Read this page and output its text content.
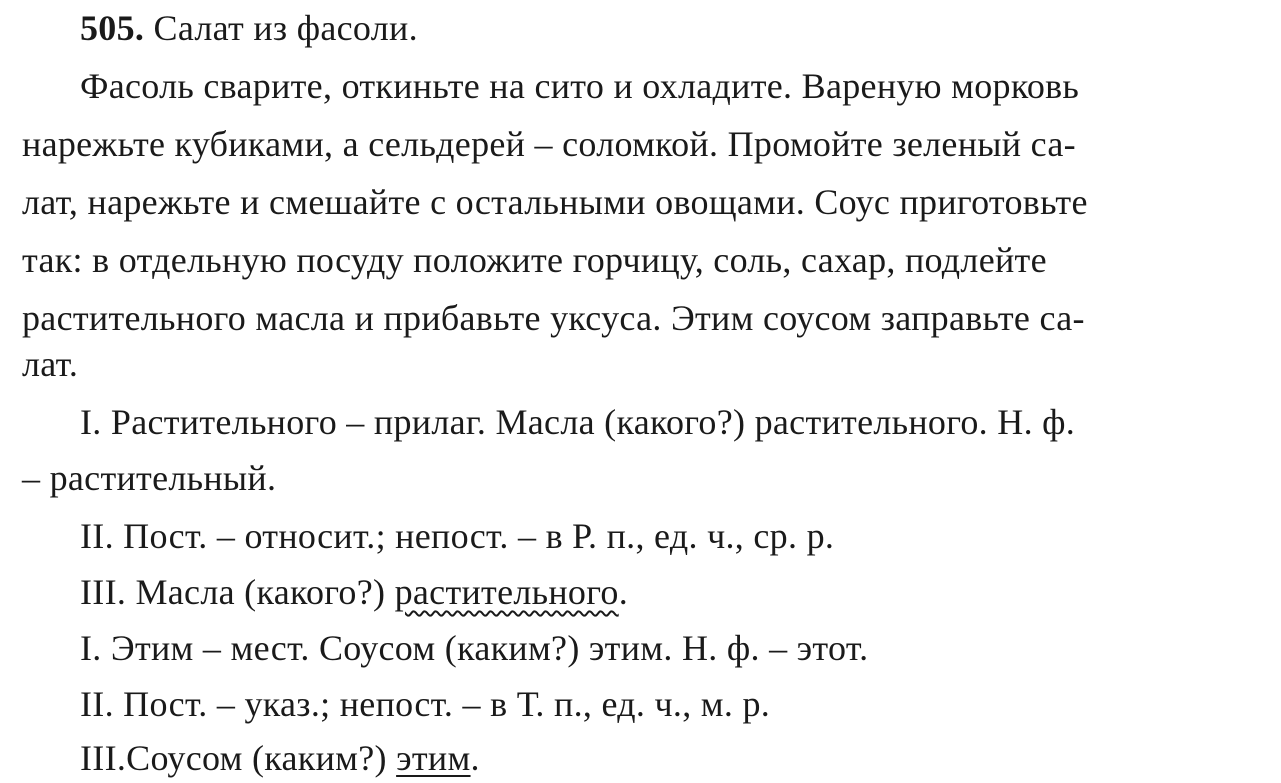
505. Салат из фасоли.
Фасоль сварите, откиньте на сито и охладите. Вареную морковь
нарежьте кубиками, а сельдерей – соломкой. Промойте зеленый са-
лат, нарежьте и смешайте с остальными овощами. Соус приготовьте
так: в отдельную посуду положите горчицу, соль, сахар, подлейте
растительного масла и прибавьте уксуса. Этим соусом заправьте са-
лат.
I. Растительного – прилаг. Масла (какого?) растительного. Н. ф.
– растительный.
II. Пост. – относит.; непост. – в Р. п., ед. ч., ср. р.
III. Масла (какого?) растительного.
I. Этим – мест. Соусом (каким?) этим. Н. ф. – этот.
II. Пост. – указ.; непост. – в Т. п., ед. ч., м. р.
III.Соусом (каким?) этим.
